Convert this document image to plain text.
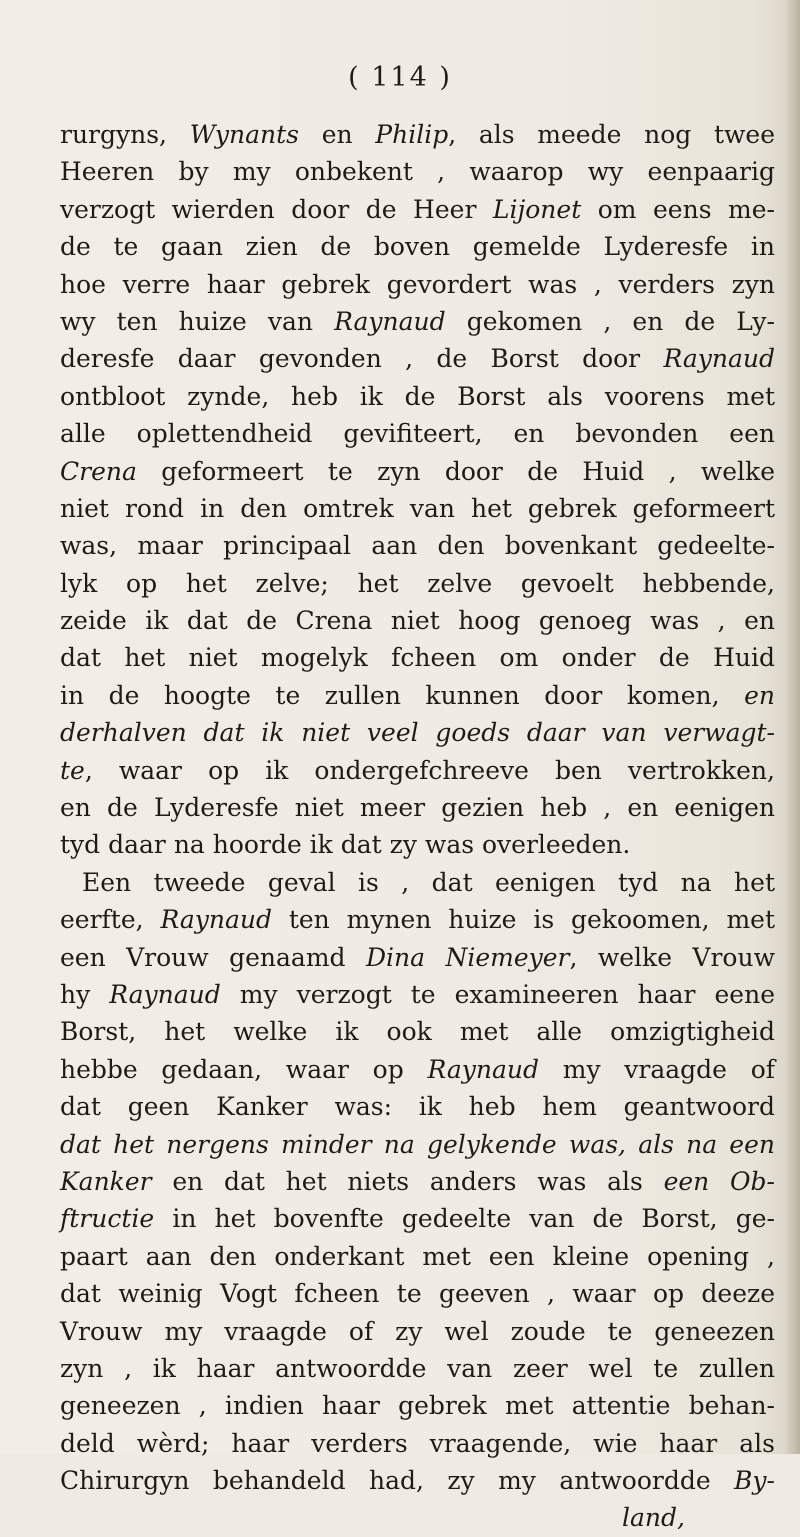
( 114 )
rurgyns, Wynants en Philip, als meede nog twee
Heeren by my onbekent , waarop wy eenpaarig
verzogt wierden door de Heer Lijonet om eens me-
de te gaan zien de boven gemelde Lyderesfe in
hoe verre haar gebrek gevordert was , verders zyn
wy ten huize van Raynaud gekomen , en de Ly-
deresfe daar gevonden , de Borst door Raynaud
ontbloot zynde, heb ik de Borst als voorens met
alle oplettendheid gevifiteert, en bevonden een
Crena geformeert te zyn door de Huid , welke
niet rond in den omtrek van het gebrek geformeert
was, maar principaal aan den bovenkant gedeelte-
lyk op het zelve; het zelve gevoelt hebbende,
zeide ik dat de Crena niet hoog genoeg was , en
dat het niet mogelyk fcheen om onder de Huid
in de hoogte te zullen kunnen door komen, en
derhalven dat ik niet veel goeds daar van verwagt-
te, waar op ik ondergefchreeve ben vertrokken,
en de Lyderesfe niet meer gezien heb , en eenigen
tyd daar na hoorde ik dat zy was overleeden.
Een tweede geval is , dat eenigen tyd na het
eerfte, Raynaud ten mynen huize is gekoomen, met
een Vrouw genaamd Dina Niemeyer, welke Vrouw
hy Raynaud my verzogt te examineeren haar eene
Borst, het welke ik ook met alle omzigtigheid
hebbe gedaan, waar op Raynaud my vraagde of
dat geen Kanker was: ik heb hem geantwoord
dat het nergens minder na gelykende was, als na een
Kanker en dat het niets anders was als een Ob-
ftructie in het bovenfte gedeelte van de Borst, ge-
paart aan den onderkant met een kleine opening ,
dat weinig Vogt fcheen te geeven , waar op deeze
Vrouw my vraagde of zy wel zoude te geneezen
zyn , ik haar antwoordde van zeer wel te zullen
geneezen , indien haar gebrek met attentie behan-
deld wèrd; haar verders vraagende, wie haar als
Chirurgyn behandeld had, zy my antwoordde By-
land,
